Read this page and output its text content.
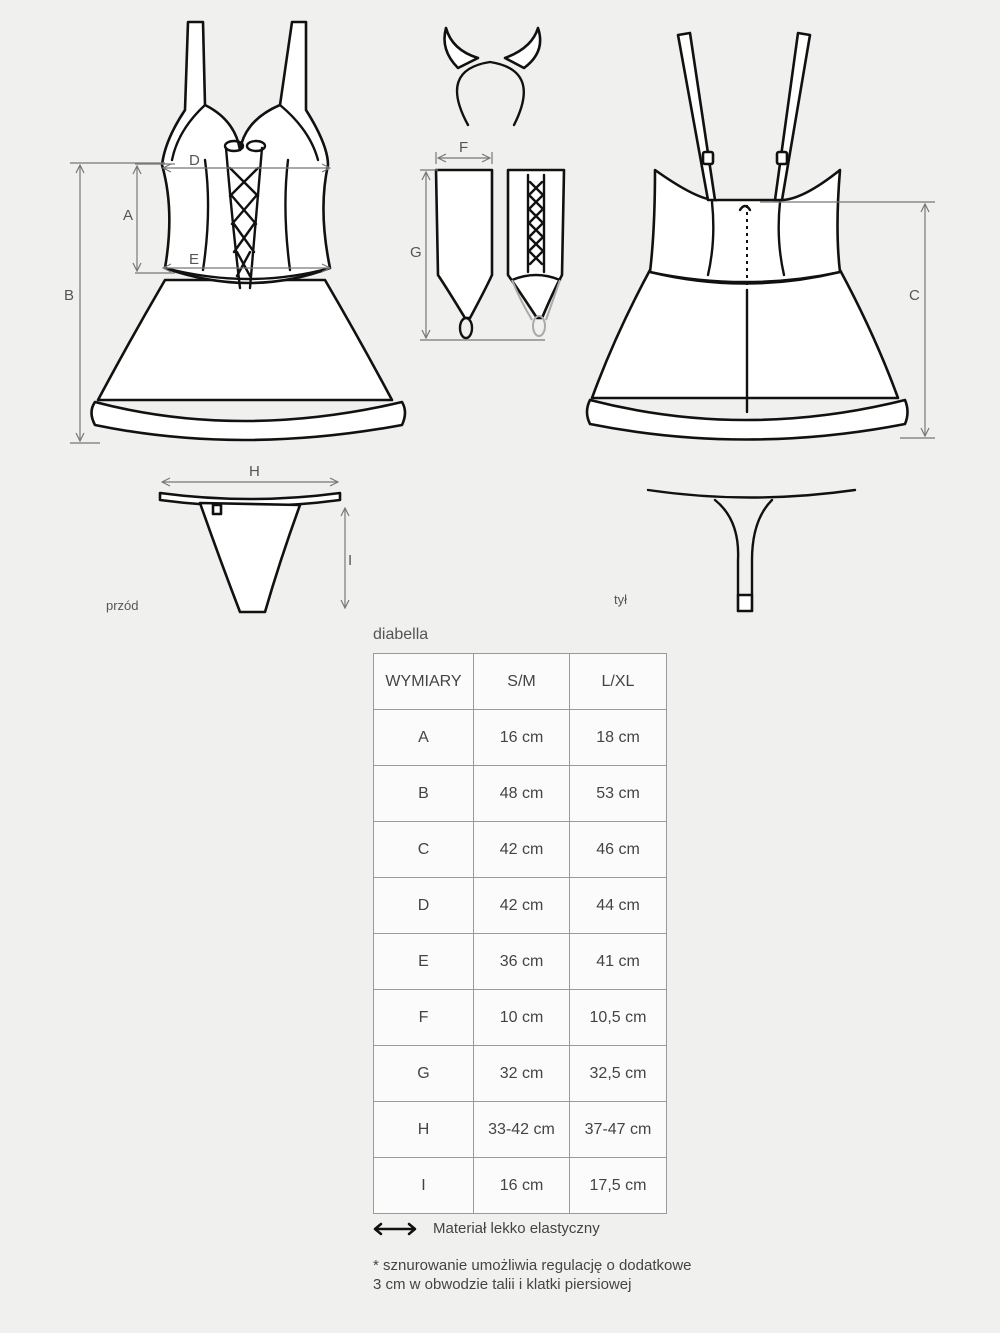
D
E
A
B
F
G
C
H
I
przód	tył
diabella
WYMIARY	S/M	L/XL
A	16 cm	18 cm
B	48 cm	53 cm
C	42 cm	46 cm
D	42 cm	44 cm
E	36 cm	41 cm
F	10 cm	10,5 cm
G	32 cm	32,5 cm
H	33-42 cm	37-47 cm
I	16 cm	17,5 cm
Materiał lekko elastyczny
* sznurowanie umożliwia regulację o dodatkowe
3 cm w obwodzie talii i klatki piersiowej
